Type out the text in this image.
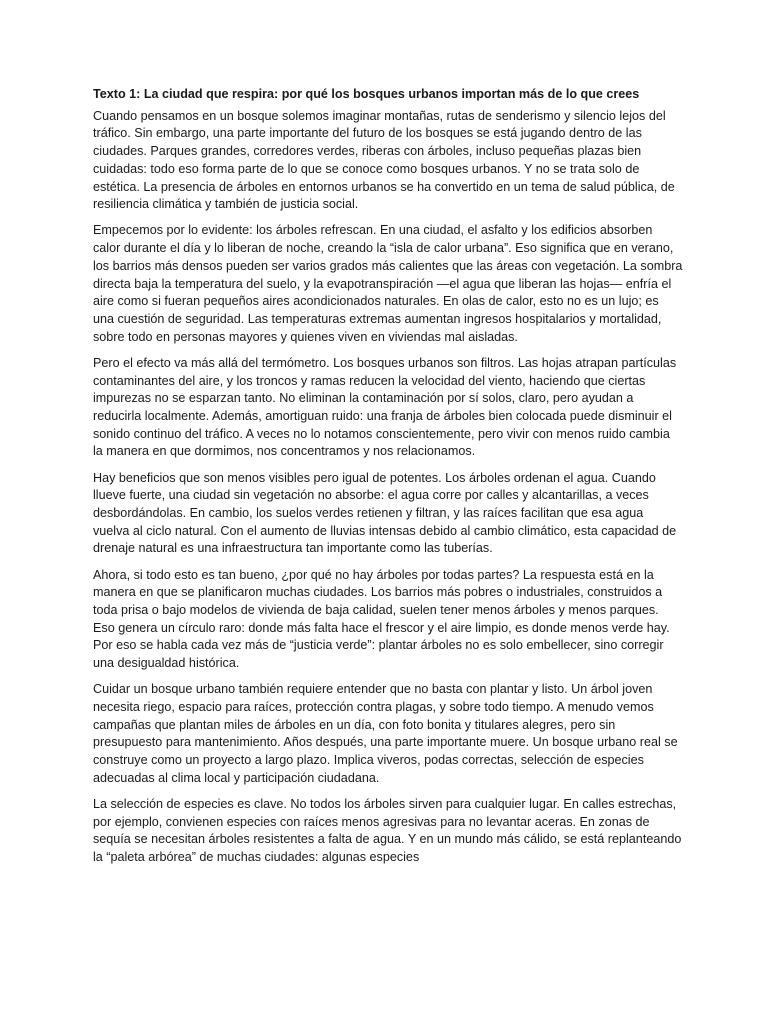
Texto 1: La ciudad que respira: por qué los bosques urbanos importan más de lo que crees

Cuando pensamos en un bosque solemos imaginar montañas, rutas de senderismo y silencio lejos del tráfico. Sin embargo, una parte importante del futuro de los bosques se está jugando dentro de las ciudades. Parques grandes, corredores verdes, riberas con árboles, incluso pequeñas plazas bien cuidadas: todo eso forma parte de lo que se conoce como bosques urbanos. Y no se trata solo de estética. La presencia de árboles en entornos urbanos se ha convertido en un tema de salud pública, de resiliencia climática y también de justicia social.

Empecemos por lo evidente: los árboles refrescan. En una ciudad, el asfalto y los edificios absorben calor durante el día y lo liberan de noche, creando la “isla de calor urbana”. Eso significa que en verano, los barrios más densos pueden ser varios grados más calientes que las áreas con vegetación. La sombra directa baja la temperatura del suelo, y la evapotranspiración —el agua que liberan las hojas— enfría el aire como si fueran pequeños aires acondicionados naturales. En olas de calor, esto no es un lujo; es una cuestión de seguridad. Las temperaturas extremas aumentan ingresos hospitalarios y mortalidad, sobre todo en personas mayores y quienes viven en viviendas mal aisladas.

Pero el efecto va más allá del termómetro. Los bosques urbanos son filtros. Las hojas atrapan partículas contaminantes del aire, y los troncos y ramas reducen la velocidad del viento, haciendo que ciertas impurezas no se esparzan tanto. No eliminan la contaminación por sí solos, claro, pero ayudan a reducirla localmente. Además, amortiguan ruido: una franja de árboles bien colocada puede disminuir el sonido continuo del tráfico. A veces no lo notamos conscientemente, pero vivir con menos ruido cambia la manera en que dormimos, nos concentramos y nos relacionamos.

Hay beneficios que son menos visibles pero igual de potentes. Los árboles ordenan el agua. Cuando llueve fuerte, una ciudad sin vegetación no absorbe: el agua corre por calles y alcantarillas, a veces desbordándolas. En cambio, los suelos verdes retienen y filtran, y las raíces facilitan que esa agua vuelva al ciclo natural. Con el aumento de lluvias intensas debido al cambio climático, esta capacidad de drenaje natural es una infraestructura tan importante como las tuberías.

Ahora, si todo esto es tan bueno, ¿por qué no hay árboles por todas partes? La respuesta está en la manera en que se planificaron muchas ciudades. Los barrios más pobres o industriales, construidos a toda prisa o bajo modelos de vivienda de baja calidad, suelen tener menos árboles y menos parques. Eso genera un círculo raro: donde más falta hace el frescor y el aire limpio, es donde menos verde hay. Por eso se habla cada vez más de “justicia verde”: plantar árboles no es solo embellecer, sino corregir una desigualdad histórica.

Cuidar un bosque urbano también requiere entender que no basta con plantar y listo. Un árbol joven necesita riego, espacio para raíces, protección contra plagas, y sobre todo tiempo. A menudo vemos campañas que plantan miles de árboles en un día, con foto bonita y titulares alegres, pero sin presupuesto para mantenimiento. Años después, una parte importante muere. Un bosque urbano real se construye como un proyecto a largo plazo. Implica viveros, podas correctas, selección de especies adecuadas al clima local y participación ciudadana.

La selección de especies es clave. No todos los árboles sirven para cualquier lugar. En calles estrechas, por ejemplo, convienen especies con raíces menos agresivas para no levantar aceras. En zonas de sequía se necesitan árboles resistentes a falta de agua. Y en un mundo más cálido, se está replanteando la “paleta arbórea” de muchas ciudades: algunas especies
